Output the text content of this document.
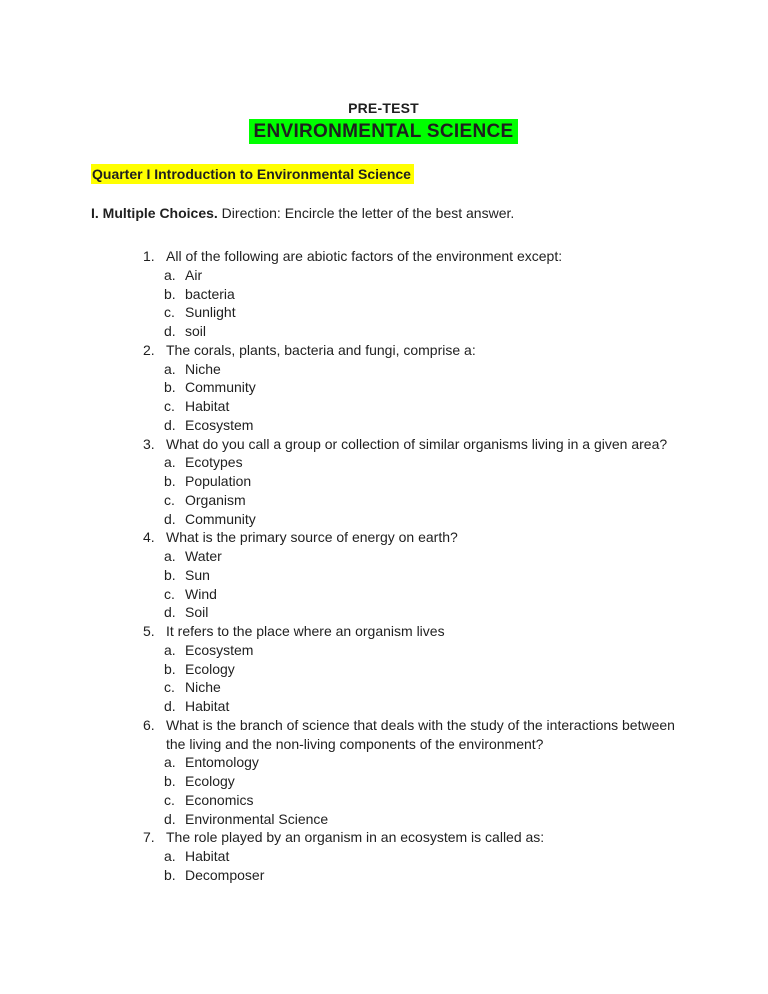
PRE-TEST
ENVIRONMENTAL SCIENCE
Quarter I Introduction to Environmental Science
I. Multiple Choices. Direction: Encircle the letter of the best answer.
1. All of the following are abiotic factors of the environment except:
a. Air
b. bacteria
c. Sunlight
d. soil
2. The corals, plants, bacteria and fungi, comprise a:
a. Niche
b. Community
c. Habitat
d. Ecosystem
3. What do you call a group or collection of similar organisms living in a given area?
a. Ecotypes
b. Population
c. Organism
d. Community
4. What is the primary source of energy on earth?
a. Water
b. Sun
c. Wind
d. Soil
5. It refers to the place where an organism lives
a. Ecosystem
b. Ecology
c. Niche
d. Habitat
6. What is the branch of science that deals with the study of the interactions between the living and the non-living components of the environment?
a. Entomology
b. Ecology
c. Economics
d. Environmental Science
7. The role played by an organism in an ecosystem is called as:
a. Habitat
b. Decomposer
